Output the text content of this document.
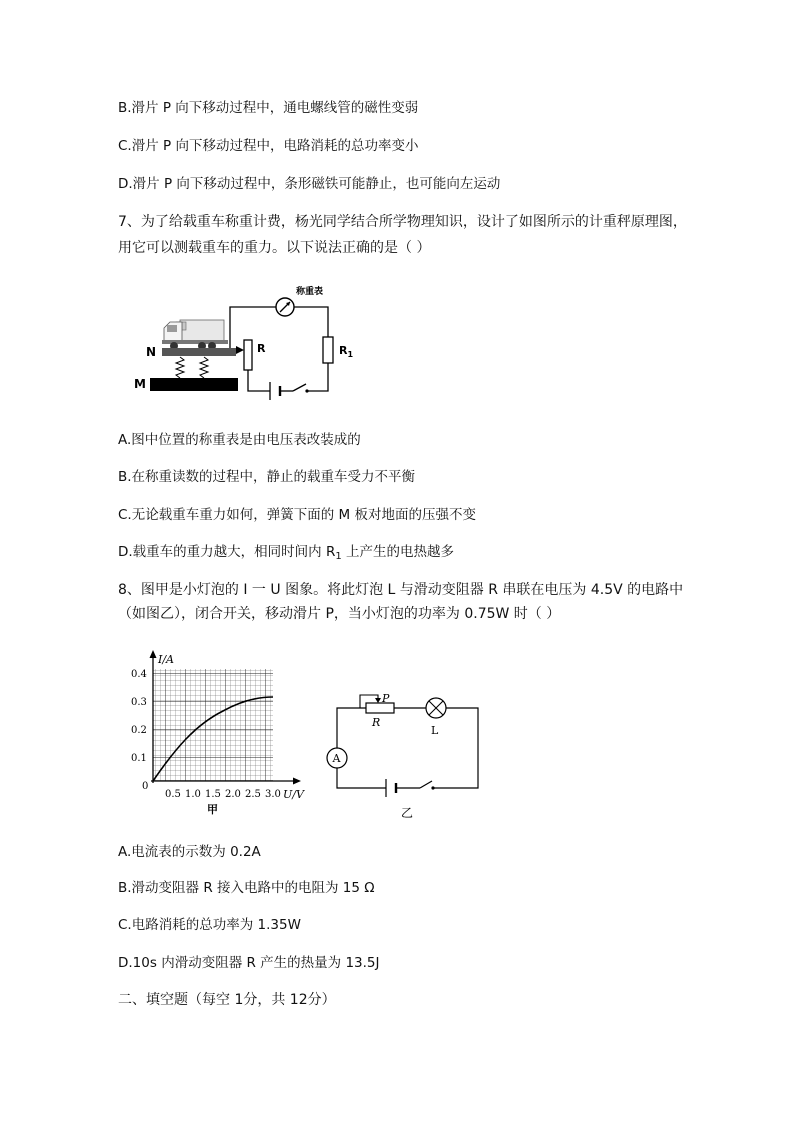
B.滑片 P 向下移动过程中，通电螺线管的磁性变弱
C.滑片 P 向下移动过程中，电路消耗的总功率变小
D.滑片 P 向下移动过程中，条形磁铁可能静止，也可能向左运动
7、为了给载重车称重计费，杨光同学结合所学物理知识，设计了如图所示的计重秤原理图，
用它可以测载重车的重力。以下说法正确的是（ ）
称重表
$R_1$
R
N
M
A.图中位置的称重表是由电压表改装成的
B.在称重读数的过程中，静止的载重车受力不平衡
C.无论载重车重力如何，弹簧下面的 M 板对地面的压强不变
D.载重车的重力越大，相同时间内 $R_1$ 上产生的电热越多
8、图甲是小灯泡的 I 一 U 图象。将此灯泡 L 与滑动变阻器 R 串联在电压为 4.5V 的电路中
（如图乙），闭合开关，移动滑片 P，当小灯泡的功率为 0.75W 时（ ）
I/A
U/V
0
0.1
0.2
0.3
0.4
0.5 1.0 1.5 2.0 2.5 3.0
甲
P
R
L
A
乙
A.电流表的示数为 0.2A
B.滑动变阻器 R 接入电路中的电阻为 15 Ω
C.电路消耗的总功率为 1.35W
D.10s 内滑动变阻器 R 产生的热量为 13.5J
二、填空题（每空 1分，共 12分）
